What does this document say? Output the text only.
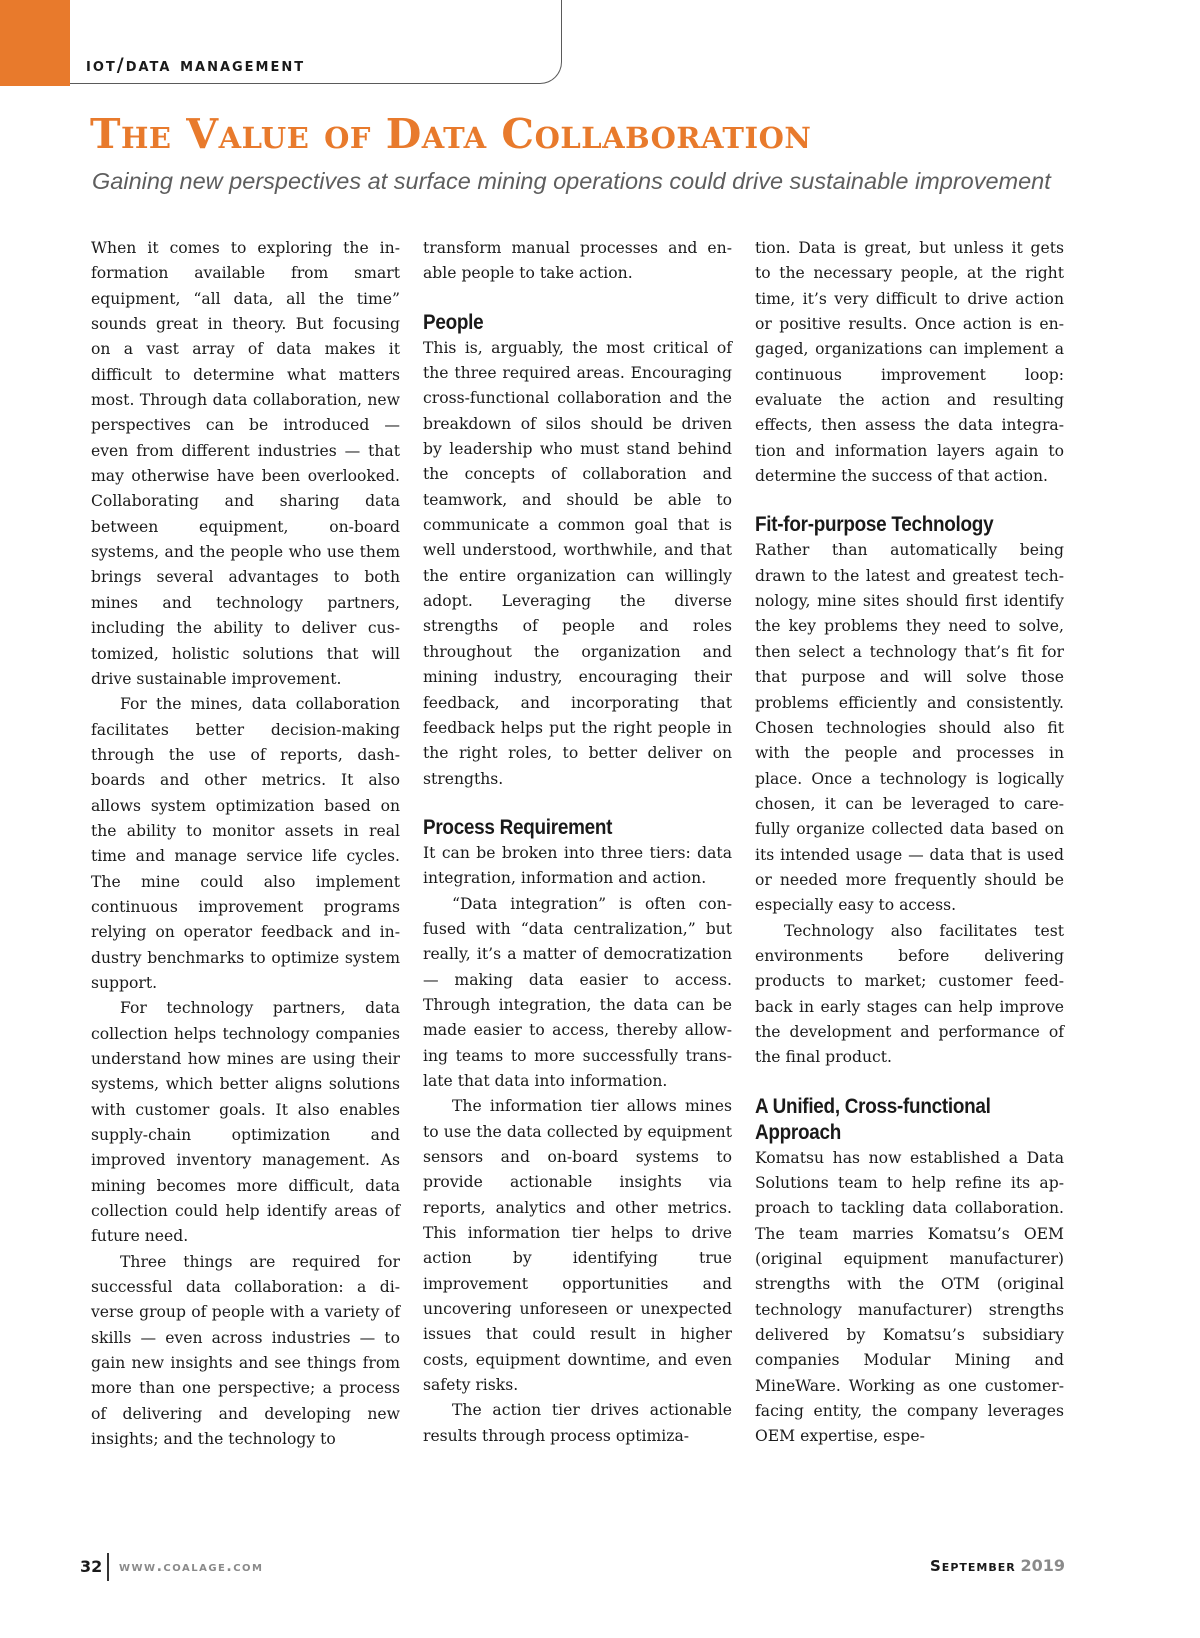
iot/data management
The Value of Data Collaboration
Gaining new perspectives at surface mining operations could drive sustainable improvement

When it comes to exploring the information available from smart equipment, “all data, all the time” sounds great in theory. But focusing on a vast array of data makes it difficult to determine what matters most. Through data collaboration, new perspectives can be introduced — even from different industries — that may otherwise have been overlooked. Collaborating and sharing data between equipment, on-board systems, and the people who use them brings several advantages to both mines and technology partners, including the ability to deliver customized, holistic solutions that will drive sustainable improvement.

For the mines, data collaboration facilitates better decision-making through the use of reports, dashboards and other metrics. It also allows system optimization based on the ability to monitor assets in real time and manage service life cycles. The mine could also implement continuous improvement programs relying on operator feedback and industry benchmarks to optimize system support.

For technology partners, data collection helps technology companies understand how mines are using their systems, which better aligns solutions with customer goals. It also enables supply-chain optimization and improved inventory management. As mining becomes more difficult, data collection could help identify areas of future need.

Three things are required for successful data collaboration: a diverse group of people with a variety of skills — even across industries — to gain new insights and see things from more than one perspective; a process of delivering and developing new insights; and the technology to

transform manual processes and enable people to take action.

People

This is, arguably, the most critical of the three required areas. Encouraging cross-functional collaboration and the breakdown of silos should be driven by leadership who must stand behind the concepts of collaboration and teamwork, and should be able to communicate a common goal that is well understood, worthwhile, and that the entire organization can willingly adopt. Leveraging the diverse strengths of people and roles throughout the organization and mining industry, encouraging their feedback, and incorporating that feedback helps put the right people in the right roles, to better deliver on strengths.

Process Requirement

It can be broken into three tiers: data integration, information and action.

“Data integration” is often confused with “data centralization,” but really, it’s a matter of democratization — making data easier to access. Through integration, the data can be made easier to access, thereby allowing teams to more successfully translate that data into information.

The information tier allows mines to use the data collected by equipment sensors and on-board systems to provide actionable insights via reports, analytics and other metrics. This information tier helps to drive action by identifying true improvement opportunities and uncovering unforeseen or unexpected issues that could result in higher costs, equipment downtime, and even safety risks.

The action tier drives actionable results through process optimiza-

tion. Data is great, but unless it gets to the necessary people, at the right time, it’s very difficult to drive action or positive results. Once action is engaged, organizations can implement a continuous improvement loop: evaluate the action and resulting effects, then assess the data integration and information layers again to determine the success of that action.

Fit-for-purpose Technology

Rather than automatically being drawn to the latest and greatest technology, mine sites should first identify the key problems they need to solve, then select a technology that’s fit for that purpose and will solve those problems efficiently and consistently. Chosen technologies should also fit with the people and processes in place. Once a technology is logically chosen, it can be leveraged to carefully organize collected data based on its intended usage — data that is used or needed more frequently should be especially easy to access.

Technology also facilitates test environments before delivering products to market; customer feedback in early stages can help improve the development and performance of the final product.

A Unified, Cross-functional
Approach

Komatsu has now established a Data Solutions team to help refine its approach to tackling data collaboration. The team marries Komatsu’s OEM (original equipment manufacturer) strengths with the OTM (original technology manufacturer) strengths delivered by Komatsu’s subsidiary companies Modular Mining and MineWare. Working as one customer-facing entity, the company leverages OEM expertise, espe-

32 www.coalage.com	September 2019
